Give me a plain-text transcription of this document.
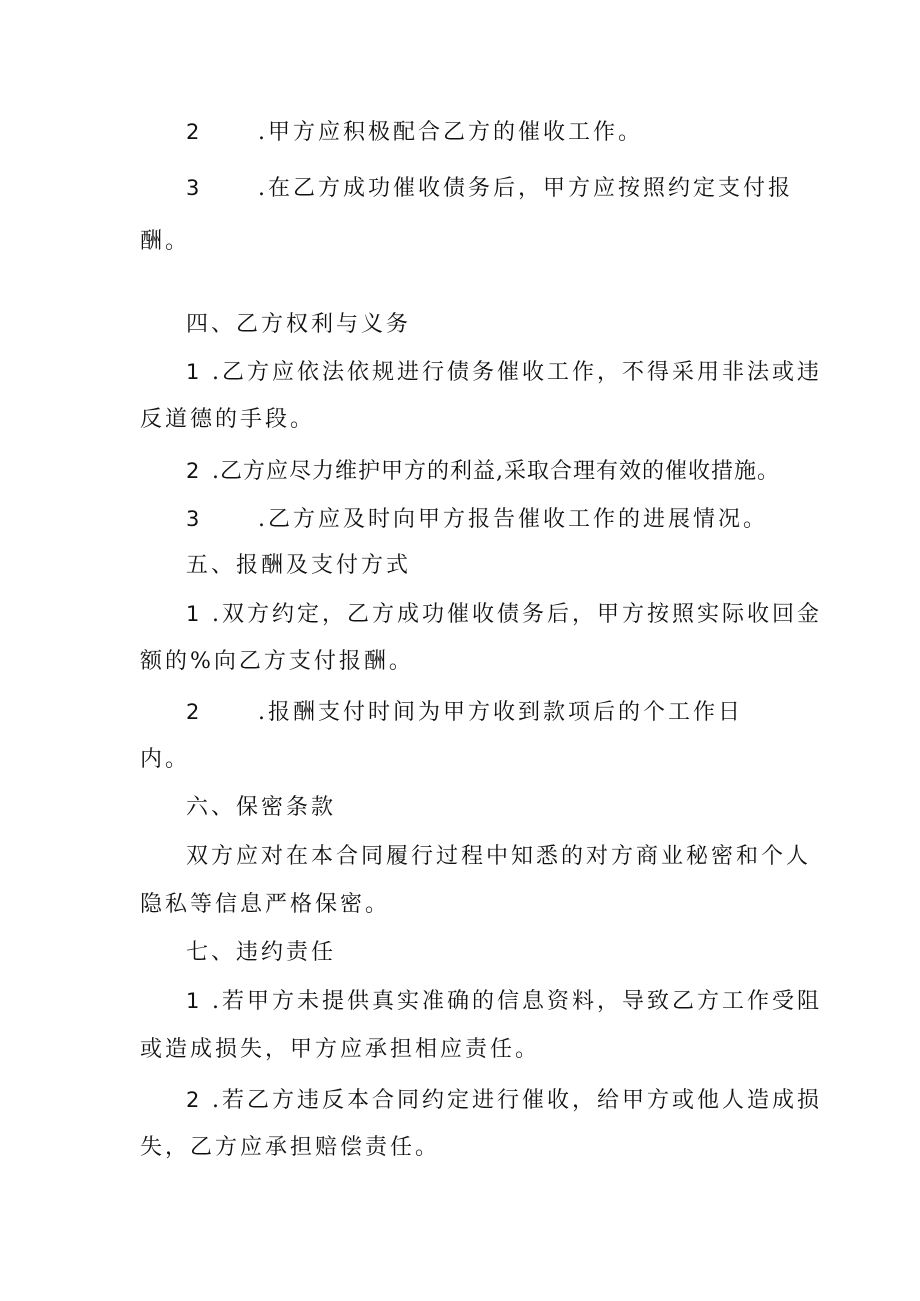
2	.甲方应积极配合乙方的催收工作。
3	.在乙方成功催收债务后，甲方应按照约定支付报
酬。
四、乙方权利与义务
1 .乙方应依法依规进行债务催收工作，不得采用非法或违
反道德的手段。
2 .乙方应尽力维护甲方的利益,采取合理有效的催收措施。
3	.乙方应及时向甲方报告催收工作的进展情况。
五、报酬及支付方式
1 .双方约定，乙方成功催收债务后，甲方按照实际收回金
额的%向乙方支付报酬。
2	.报酬支付时间为甲方收到款项后的个工作日
内。
六、保密条款
双方应对在本合同履行过程中知悉的对方商业秘密和个人
隐私等信息严格保密。
七、违约责任
1 .若甲方未提供真实准确的信息资料，导致乙方工作受阻
或造成损失，甲方应承担相应责任。
2 .若乙方违反本合同约定进行催收，给甲方或他人造成损
失，乙方应承担赔偿责任。
